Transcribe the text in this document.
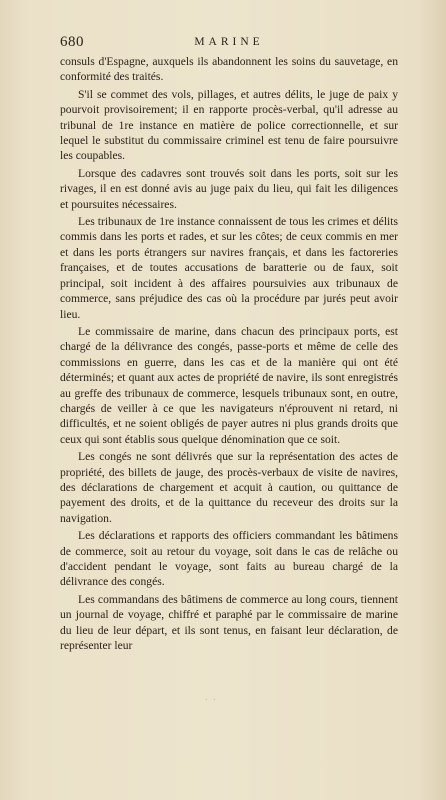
680	MARINE

consuls d'Espagne, auxquels ils abandonnent les soins du sauvetage, en conformité des traités.

S'il se commet des vols, pillages, et autres délits, le juge de paix y pourvoit provisoirement; il en rapporte procès-verbal, qu'il adresse au tribunal de 1re instance en matière de police correctionnelle, et sur lequel le substitut du commissaire criminel est tenu de faire poursuivre les coupables.

Lorsque des cadavres sont trouvés soit dans les ports, soit sur les rivages, il en est donné avis au juge paix du lieu, qui fait les diligences et poursuites nécessaires.

Les tribunaux de 1re instance connaissent de tous les crimes et délits commis dans les ports et rades, et sur les côtes; de ceux commis en mer et dans les ports étrangers sur navires français, et dans les factoreries françaises, et de toutes accusations de baratterie ou de faux, soit principal, soit incident à des affaires poursuivies aux tribunaux de commerce, sans préjudice des cas où la procédure par jurés peut avoir lieu.

Le commissaire de marine, dans chacun des principaux ports, est chargé de la délivrance des congés, passe-ports et même de celle des commissions en guerre, dans les cas et de la manière qui ont été déterminés; et quant aux actes de propriété de navire, ils sont enregistrés au greffe des tribunaux de commerce, lesquels tribunaux sont, en outre, chargés de veiller à ce que les navigateurs n'éprouvent ni retard, ni difficultés, et ne soient obligés de payer autres ni plus grands droits que ceux qui sont établis sous quelque dénomination que ce soit.

Les congés ne sont délivrés que sur la représentation des actes de propriété, des billets de jauge, des procès-verbaux de visite de navires, des déclarations de chargement et acquit à caution, ou quittance de payement des droits, et de la quittance du receveur des droits sur la navigation.

Les déclarations et rapports des officiers commandant les bâtimens de commerce, soit au retour du voyage, soit dans le cas de relâche ou d'accident pendant le voyage, sont faits au bureau chargé de la délivrance des congés.

Les commandans des bâtimens de commerce au long cours, tiennent un journal de voyage, chiffré et paraphé par le commissaire de marine du lieu de leur départ, et ils sont tenus, en faisant leur déclaration, de représenter leur

· ·
